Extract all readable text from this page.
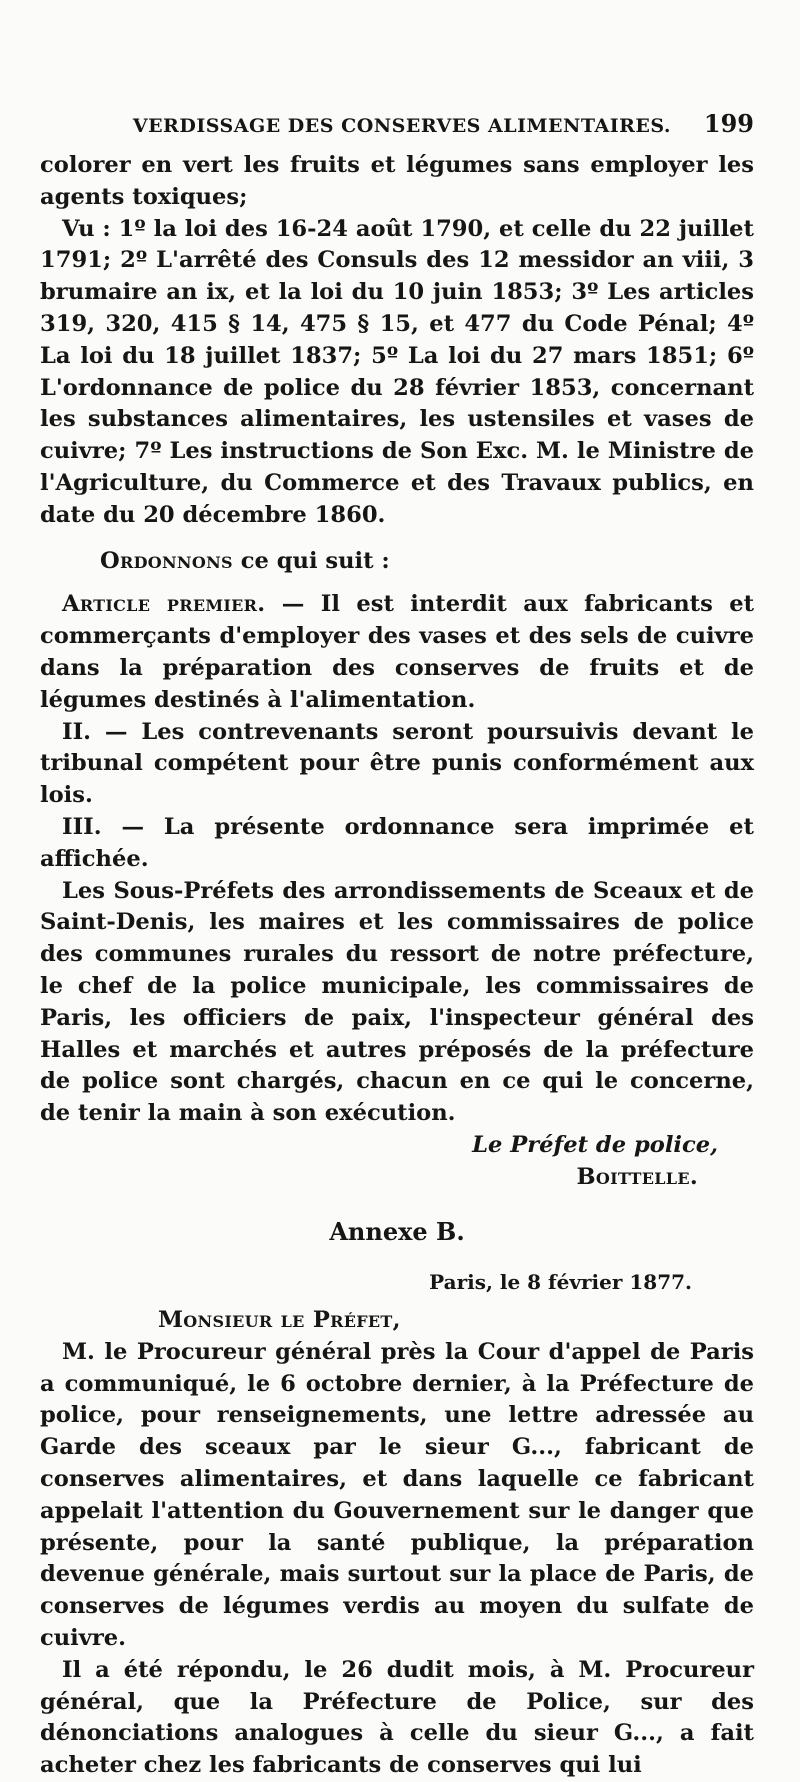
VERDISSAGE DES CONSERVES ALIMENTAIRES.	199

colorer en vert les fruits et légumes sans employer les agents toxiques;

Vu : 1º la loi des 16-24 août 1790, et celle du 22 juillet 1791; 2º L'arrêté des Consuls des 12 messidor an viii, 3 brumaire an ix, et la loi du 10 juin 1853; 3º Les articles 319, 320, 415 § 14, 475 § 15, et 477 du Code Pénal; 4º La loi du 18 juillet 1837; 5º La loi du 27 mars 1851; 6º L'ordonnance de police du 28 février 1853, concernant les substances alimentaires, les ustensiles et vases de cuivre; 7º Les instructions de Son Exc. M. le Ministre de l'Agriculture, du Commerce et des Travaux publics, en date du 20 décembre 1860.

Ordonnons ce qui suit :

Article premier. — Il est interdit aux fabricants et commerçants d'employer des vases et des sels de cuivre dans la préparation des conserves de fruits et de légumes destinés à l'alimentation.

II. — Les contrevenants seront poursuivis devant le tribunal compétent pour être punis conformément aux lois.

III. — La présente ordonnance sera imprimée et affichée.

Les Sous-Préfets des arrondissements de Sceaux et de Saint-Denis, les maires et les commissaires de police des communes rurales du ressort de notre préfecture, le chef de la police municipale, les commissaires de Paris, les officiers de paix, l'inspecteur général des Halles et marchés et autres préposés de la préfecture de police sont chargés, chacun en ce qui le concerne, de tenir la main à son exécution.

Le Préfet de police,

Boittelle.

Annexe B.

Paris, le 8 février 1877.

Monsieur le Préfet,

M. le Procureur général près la Cour d'appel de Paris a communiqué, le 6 octobre dernier, à la Préfecture de police, pour renseignements, une lettre adressée au Garde des sceaux par le sieur G..., fabricant de conserves alimentaires, et dans laquelle ce fabricant appelait l'attention du Gouvernement sur le danger que présente, pour la santé publique, la préparation devenue générale, mais surtout sur la place de Paris, de conserves de légumes verdis au moyen du sulfate de cuivre.

Il a été répondu, le 26 dudit mois, à M. Procureur général, que la Préfecture de Police, sur des dénonciations analogues à celle du sieur G..., a fait acheter chez les fabricants de conserves qui lui
